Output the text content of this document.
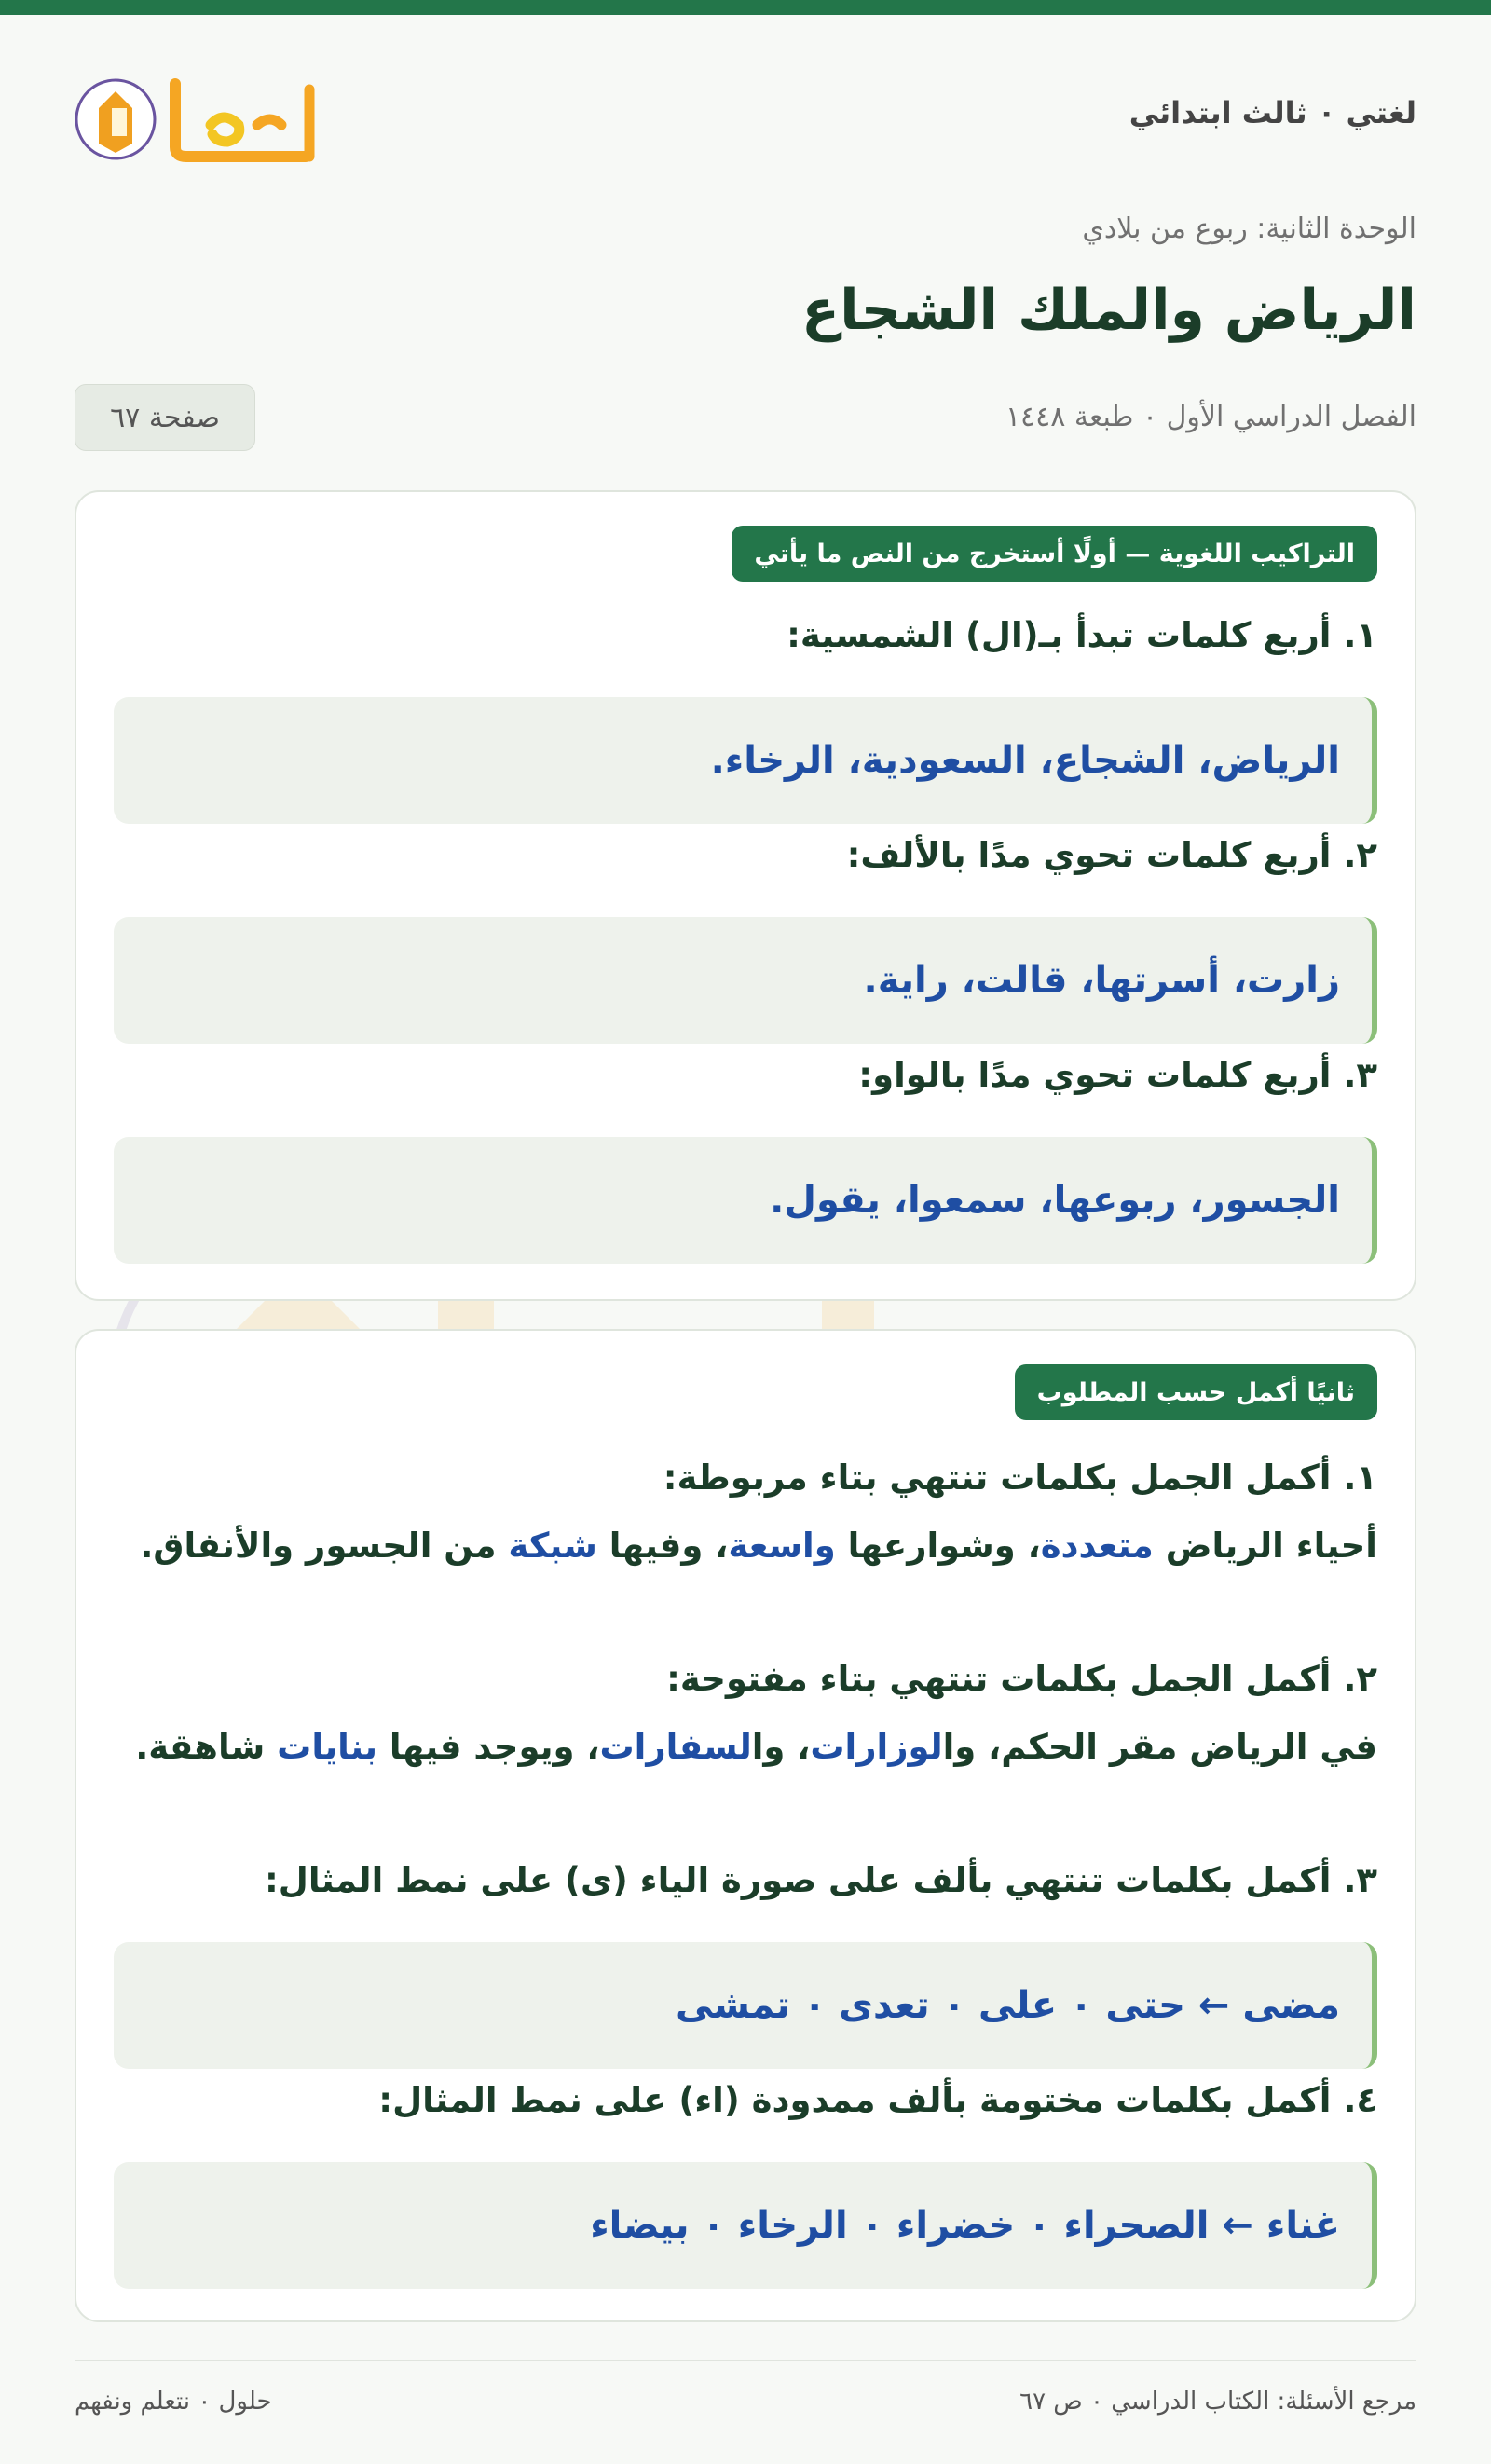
لغتي ۰ ثالث ابتدائي
الوحدة الثانية: ربوع من بلادي
الرياض والملك الشجاع
الفصل الدراسي الأول ۰ طبعة ١٤٤٨
صفحة ٦٧
التراكيب اللغوية — أولًا أستخرج من النص ما يأتي
١. أربع كلمات تبدأ بـ(ال) الشمسية:
الرياض، الشجاع، السعودية، الرخاء.
٢. أربع كلمات تحوي مدًا بالألف:
زارت، أسرتها، قالت، راية.
٣. أربع كلمات تحوي مدًا بالواو:
الجسور، ربوعها، سمعوا، يقول.
ثانيًا أكمل حسب المطلوب
١. أكمل الجمل بكلمات تنتهي بتاء مربوطة:

أحياء الرياض متعددة، وشوارعها واسعة، وفيها شبكة من الجسور والأنفاق.

٢. أكمل الجمل بكلمات تنتهي بتاء مفتوحة:

في الرياض مقر الحكم، والوزارات، والسفارات، ويوجد فيها بنايات شاهقة.

٣. أكمل بكلمات تنتهي بألف على صورة الياء (ى) على نمط المثال:
مضى ← حتى ۰ على ۰ تعدى ۰ تمشى
٤. أكمل بكلمات مختومة بألف ممدودة (اء) على نمط المثال:
غناء ← الصحراء ۰ خضراء ۰ الرخاء ۰ بيضاء
مرجع الأسئلة: الكتاب الدراسي ۰ ص ٦٧
حلول ۰ نتعلم ونفهم
